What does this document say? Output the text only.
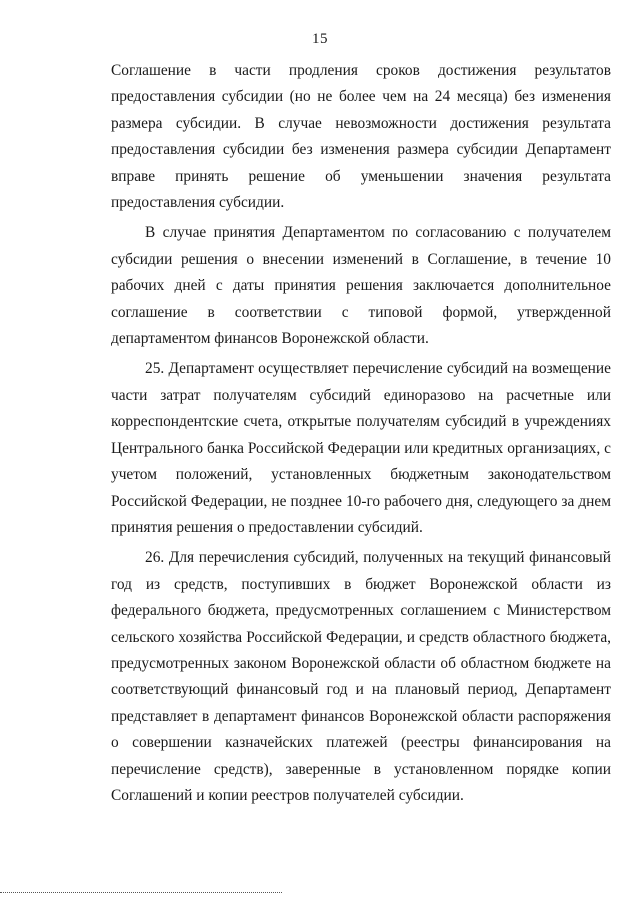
15

Соглашение в части продления сроков достижения результатов предоставления субсидии (но не более чем на 24 месяца) без изменения размера субсидии. В случае невозможности достижения результата предоставления субсидии без изменения размера субсидии Департамент вправе принять решение об уменьшении значения результата предоставления субсидии.

В случае принятия Департаментом по согласованию с получателем субсидии решения о внесении изменений в Соглашение, в течение 10 рабочих дней с даты принятия решения заключается дополнительное соглашение в соответствии с типовой формой, утвержденной департаментом финансов Воронежской области.

25. Департамент осуществляет перечисление субсидий на возмещение части затрат получателям субсидий единоразово на расчетные или корреспондентские счета, открытые получателям субсидий в учреждениях Центрального банка Российской Федерации или кредитных организациях, с учетом положений, установленных бюджетным законодательством Российской Федерации, не позднее 10-го рабочего дня, следующего за днем принятия решения о предоставлении субсидий.

26. Для перечисления субсидий, полученных на текущий финансовый год из средств, поступивших в бюджет Воронежской области из федерального бюджета, предусмотренных соглашением с Министерством сельского хозяйства Российской Федерации, и средств областного бюджета, предусмотренных законом Воронежской области об областном бюджете на соответствующий финансовый год и на плановый период, Департамент представляет в департамент финансов Воронежской области распоряжения о совершении казначейских платежей (реестры финансирования на перечисление средств), заверенные в установленном порядке копии Соглашений и копии реестров получателей субсидии.
